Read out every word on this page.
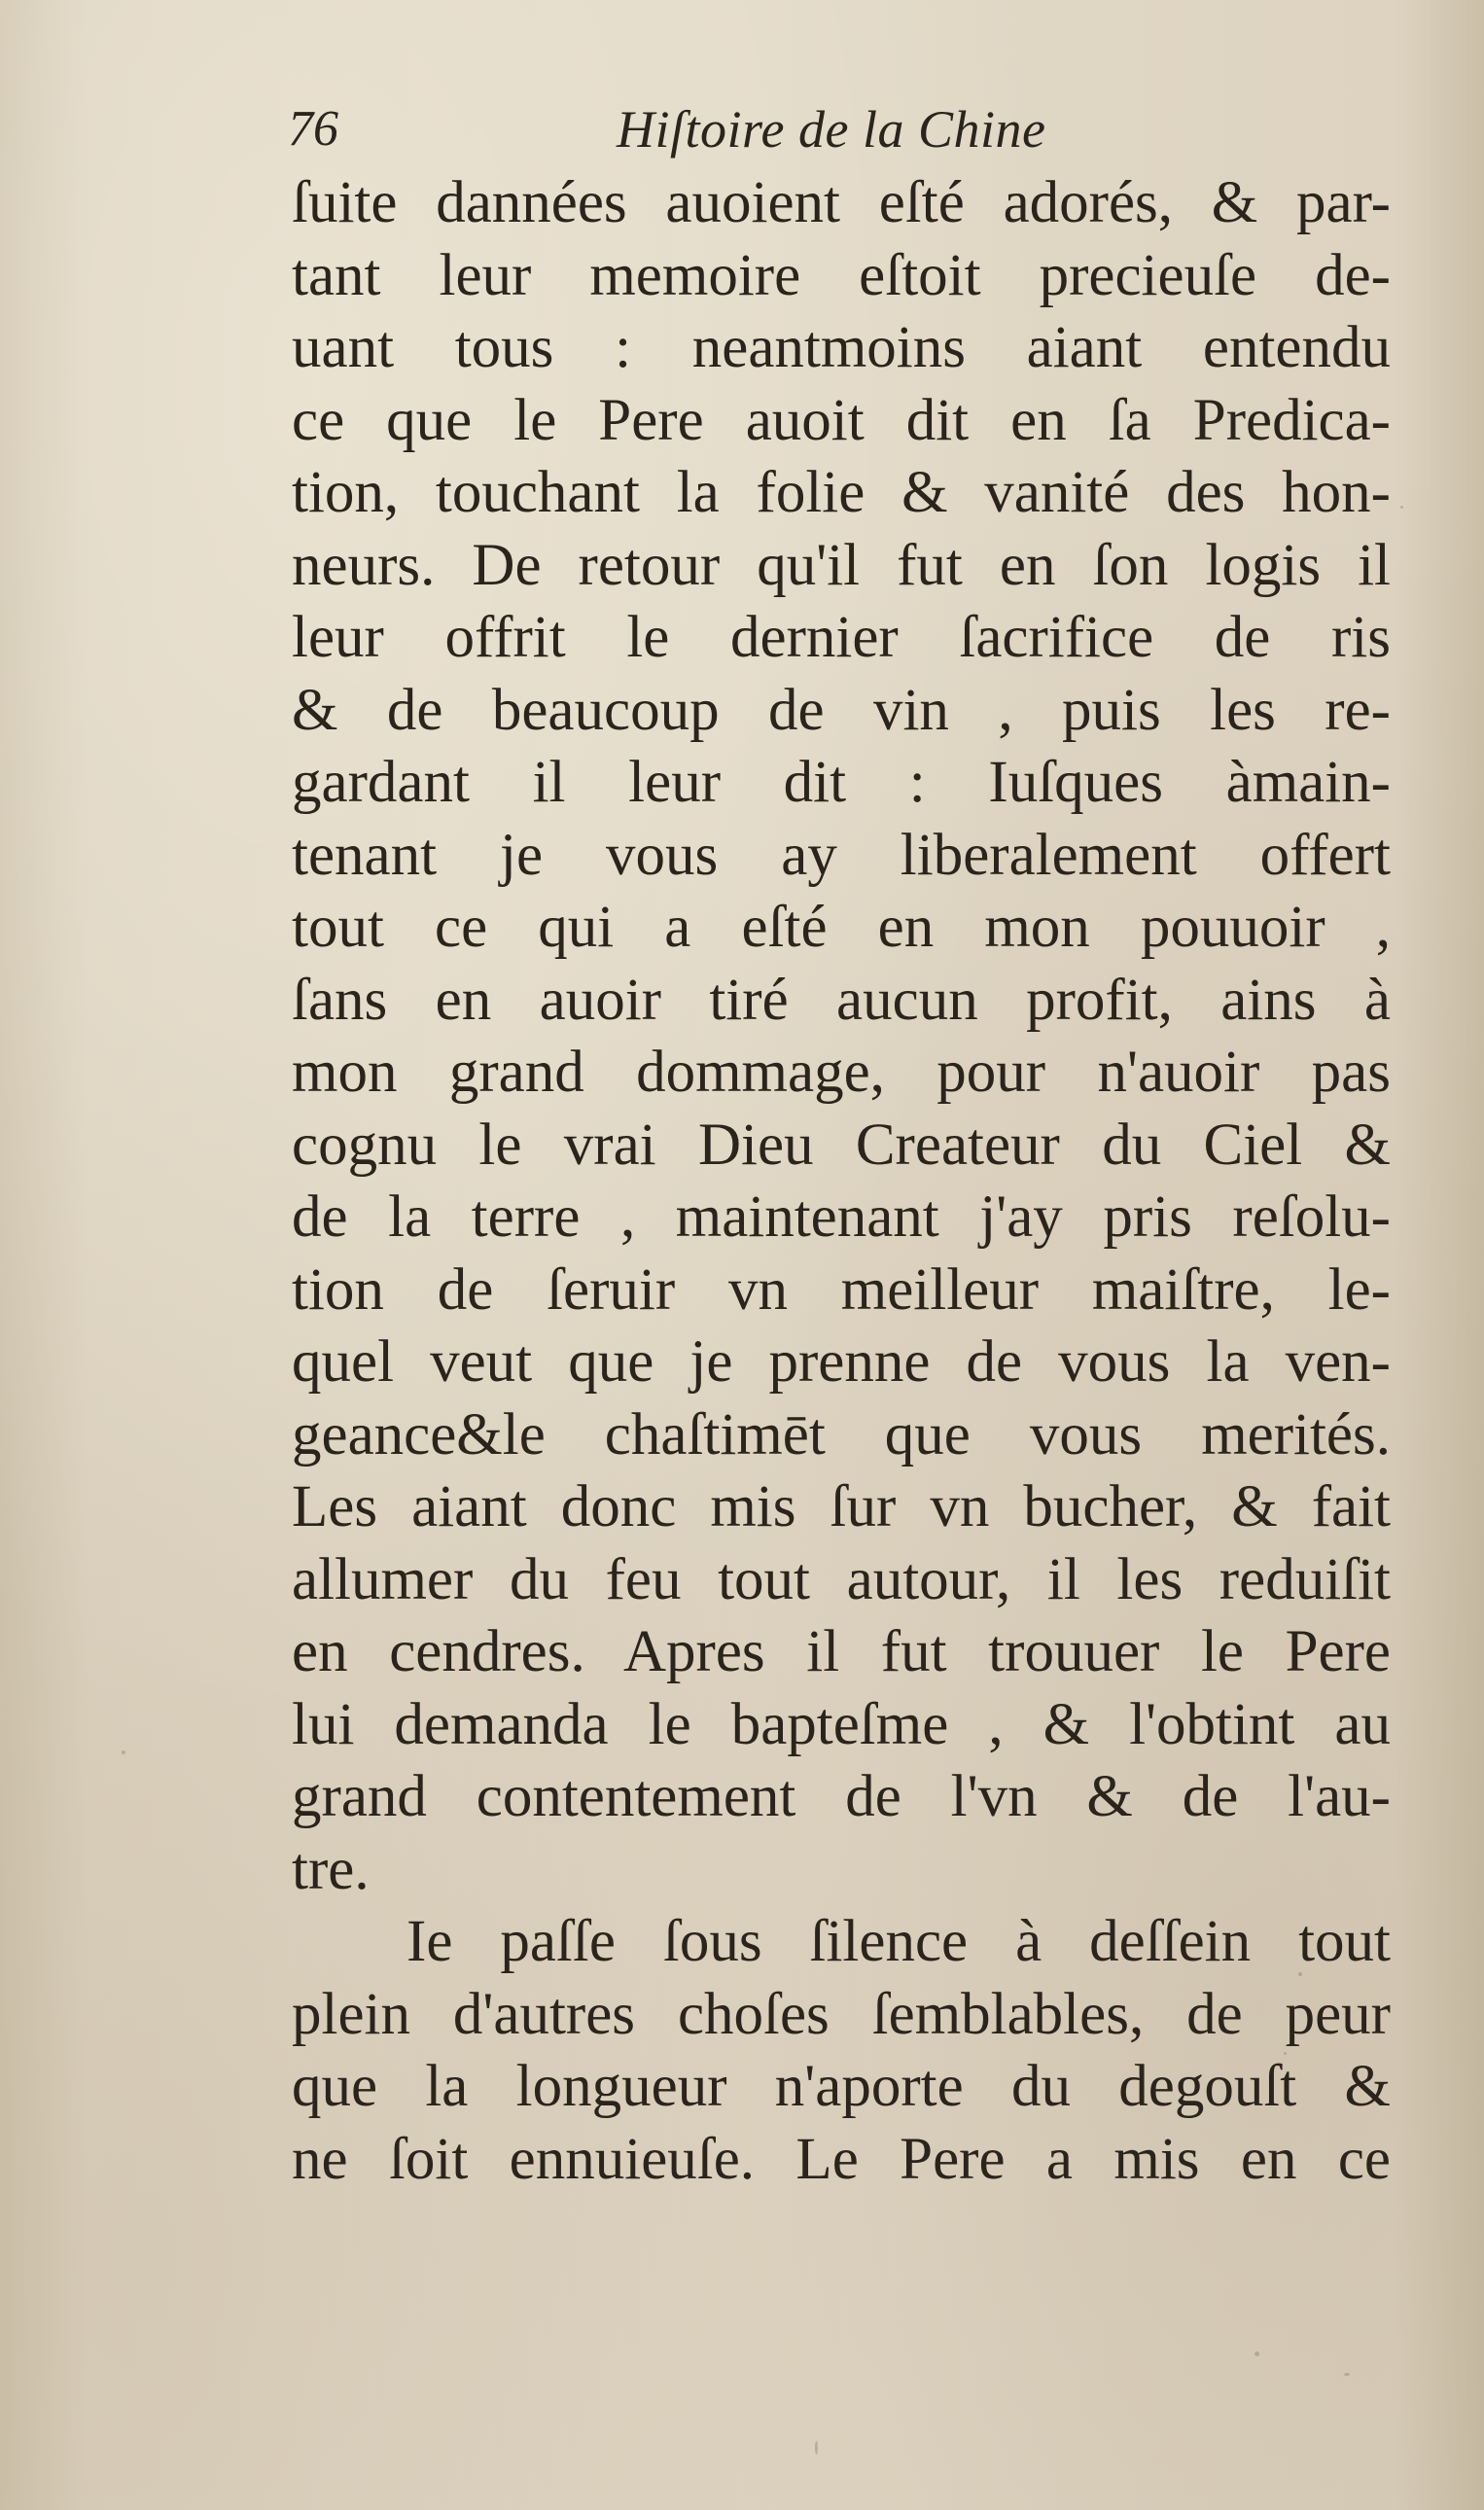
76	Hiſtoire de la Chine
ſuite dannées auoient eſté adorés, & par-
tant leur memoire eſtoit precieuſe de-
uant tous : neantmoins aiant entendu
ce que le Pere auoit dit en ſa Predica-
tion, touchant la folie & vanité des hon-
neurs. De retour qu'il fut en ſon logis il
leur offrit le dernier ſacrifice de ris
& de beaucoup de vin , puis les re-
gardant il leur dit : Iuſques àmain-
tenant je vous ay liberalement offert
tout ce qui a eſté en mon pouuoir ,
ſans en auoir tiré aucun profit, ains à
mon grand dommage, pour n'auoir pas
cognu le vrai Dieu Createur du Ciel &
de la terre , maintenant j'ay pris reſolu-
tion de ſeruir vn meilleur maiſtre, le-
quel veut que je prenne de vous la ven-
geance&le chaſtimēt que vous merités.
Les aiant donc mis ſur vn bucher, & fait
allumer du feu tout autour, il les reduiſit
en cendres. Apres il fut trouuer le Pere
lui demanda le bapteſme , & l'obtint au
grand contentement de l'vn & de l'au-
tre.
Ie paſſe ſous ſilence à deſſein tout
plein d'autres choſes ſemblables, de peur
que la longueur n'aporte du degouſt &
ne ſoit ennuieuſe. Le Pere a mis en ce
